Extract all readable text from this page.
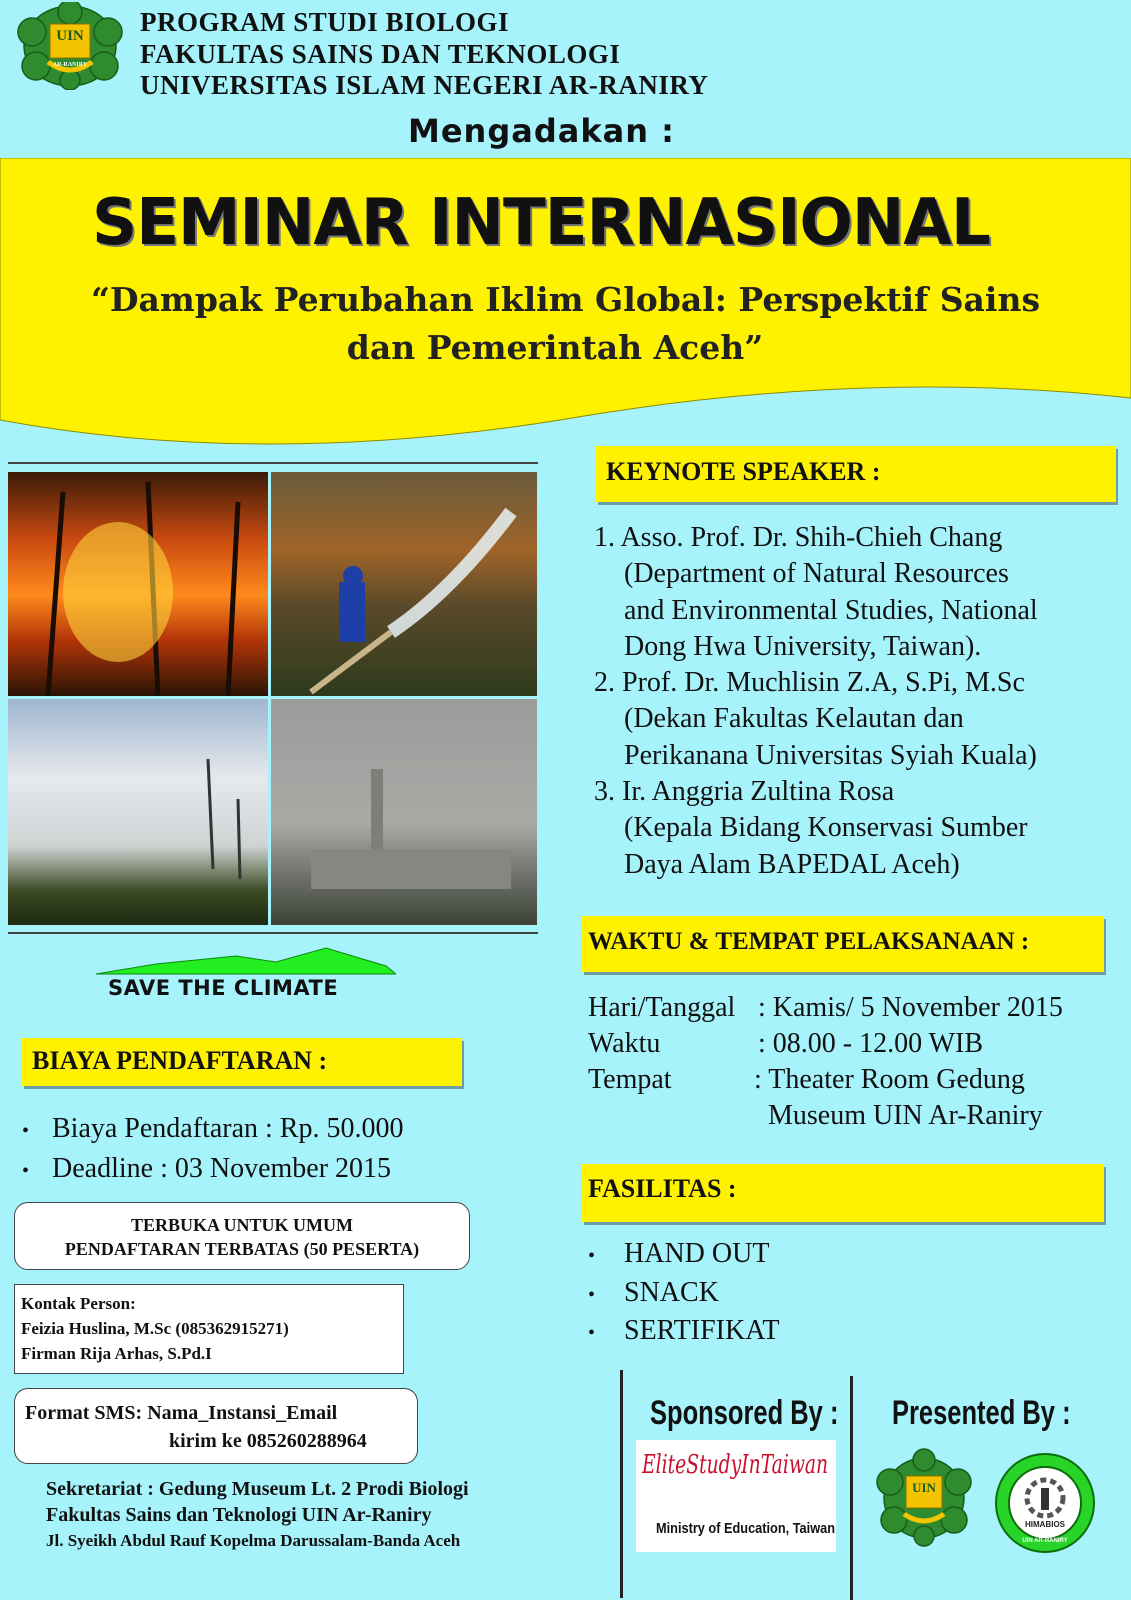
UIN
AR-RANIRY
PROGRAM STUDI BIOLOGI
FAKULTAS SAINS DAN TEKNOLOGI
UNIVERSITAS ISLAM NEGERI AR-RANIRY
Mengadakan :
SEMINAR INTERNASIONAL
“Dampak Perubahan Iklim Global: Perspektif Sains
dan Pemerintah Aceh”
SAVE THE CLIMATE
BIAYA PENDAFTARAN :
• Biaya Pendaftaran : Rp. 50.000
• Deadline : 03 November 2015
TERBUKA UNTUK UMUM
PENDAFTARAN TERBATAS (50 PESERTA)
Kontak Person:
Feizia Huslina, M.Sc (085362915271)
Firman Rija Arhas, S.Pd.I
Format SMS: Nama_Instansi_Email
kirim ke 085260288964
Sekretariat : Gedung Museum Lt. 2 Prodi Biologi
Fakultas Sains dan Teknologi UIN Ar-Raniry
Jl. Syeikh Abdul Rauf Kopelma Darussalam-Banda Aceh
KEYNOTE SPEAKER :
1. Asso. Prof. Dr. Shih-Chieh Chang
(Department of Natural Resources
and Environmental Studies, National
Dong Hwa University, Taiwan).
2. Prof. Dr. Muchlisin Z.A, S.Pi, M.Sc
(Dekan Fakultas Kelautan dan
Perikanana Universitas Syiah Kuala)
3. Ir. Anggria Zultina Rosa
(Kepala Bidang Konservasi Sumber
Daya Alam BAPEDAL Aceh)
WAKTU & TEMPAT PELAKSANAAN :
Hari/Tanggal : Kamis/ 5 November 2015
Waktu	: 08.00 - 12.00 WIB
Tempat	: Theater Room Gedung
Museum UIN Ar-Raniry
FASILITAS :
• HAND OUT
• SNACK
• SERTIFIKAT
Sponsored By :
EliteStudyInTaiwan
Ministry of Education, Taiwan
Presented By :
UIN
HIMABIOS
UIN AR-RANIRY
